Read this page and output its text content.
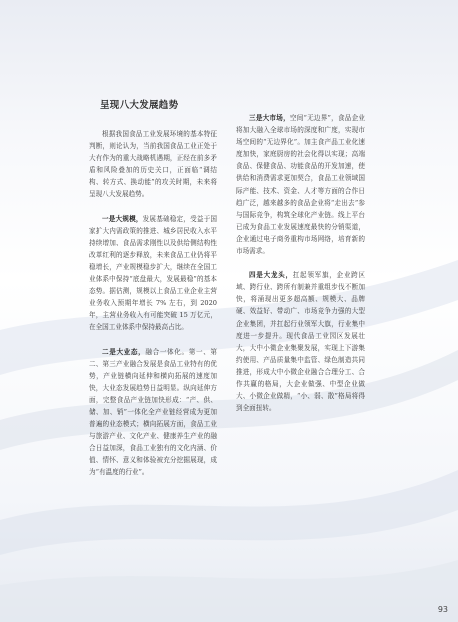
呈现八大发展趋势

根据我国食品工业发展环境的基本特征判断，则论认为，当前我国食品工业正处于大有作为的重大战略机遇期，正经在前多矛盾和风险叠加的历史关口，正面临“调结构、转方式、换动能”的攻关时期，未来将呈现八大发展趋势。

一是大规模，发展基础稳定，受益于国家扩大内需政策的推进、城乡居民收入水平持续增加、食品需求刚性以及供给侧结构性改革红利的逐步释放，未来食品工业仍将平稳增长，产业规模稳步扩大，继续在全国工业体系中保持“底盘最大，发展最稳”的基本态势。据估测，规模以上食品工业企业主营业务收入预期年增长 7% 左右，到 2020 年，主营业务收入有可能突破 15 万亿元，在全国工业体系中保持最高占比。

二是大业态，融合一体化。第一、第二、第三产业融合发展是食品工业特有的优势，产业链横向延伸和横向拓展的速度加快，大业态发展趋势日益明显。纵向延伸方面，完整食品产业链加快形成：“产、供、储、加、销”一体化全产业链经营成为更加普遍的业态模式；横向拓展方面，食品工业与旅游产业、文化产业、健康养生产业的融合日益加深，食品工业独有的文化内涵、价值、情怀、意义和体验被充分挖掘展现，成为“有温度的行业”。

三是大市场，空间“无边界”，食品企业将加大融入全球市场的深度和广度，实现市场空间的“无边界化”。加主食产品工业化速度加快，家庭厨房的社会化得以实现；高端食品、保健食品、功能食品的开发加速，使供给和消费需求更加契合，食品工业领域国际产能、技术、资金、人才等方面的合作日趋广泛，越来越多的食品企业将“走出去”参与国际竞争，构筑全球化产业链。线上平台已成为食品工业发展速度最快的分销渠道，企业通过电子商务重构市场网络，培育新的市场需求。

四是大龙头，扛起领军旗，企业跨区域、跨行业、跨所有制兼并重组步伐不断加快，将涌现出更多超高额、规模大、品牌硬、效益好、带动广、市场竞争力强的大型企业集团，并扛起行业领军大旗，行业集中度进一步提升。现代食品工业园区发展壮大，大中小微企业集聚发展，实现上下游集约使用、产品质量集中监管、绿色制造共同推进，形成大中小微企业融合合理分工、合作共赢的格局，大企业做强、中型企业做大、小微企业做精，“小、弱、散”格局将得到全面扭转。

93
